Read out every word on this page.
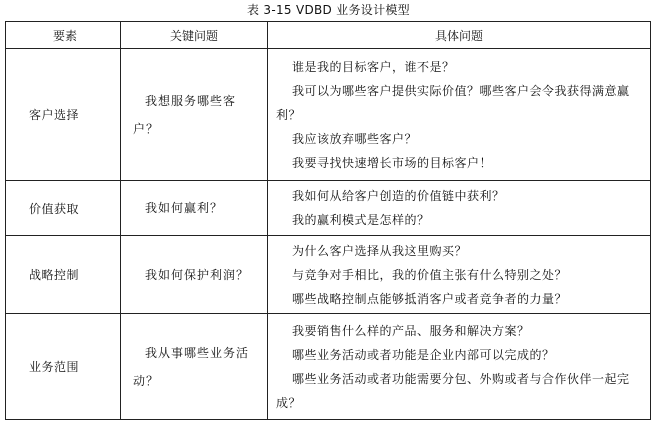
表 3-15 VDBD 业务设计模型
要素	关键问题	具体问题
客户选择	我想服务哪些客户？	谁是我的目标客户，谁不是？
我可以为哪些客户提供实际价值？哪些客户会令我获得满意赢利？
我应该放弃哪些客户？
我要寻找快速增长市场的目标客户！

价值获取	我如何赢利？	我如何从给客户创造的价值链中获利？
我的赢利模式是怎样的？

战略控制	我如何保护利润？	为什么客户选择从我这里购买？
与竞争对手相比，我的价值主张有什么特别之处？
哪些战略控制点能够抵消客户或者竞争者的力量？

业务范围	我从事哪些业务活动？	我要销售什么样的产品、服务和解决方案？
哪些业务活动或者功能是企业内部可以完成的？
哪些业务活动或者功能需要分包、外购或者与合作伙伴一起完成？
